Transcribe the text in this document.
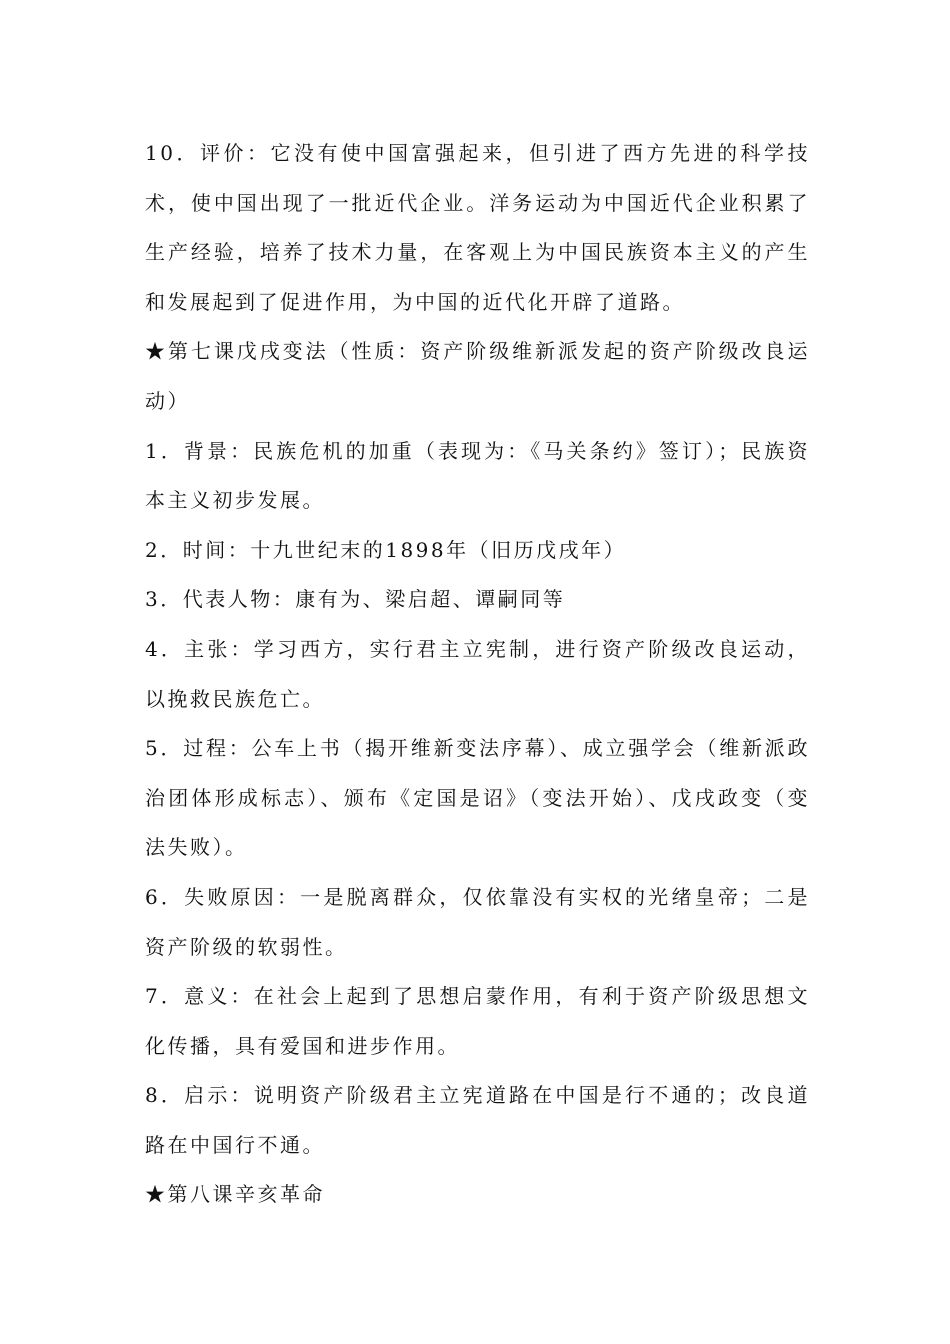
10．评价：它没有使中国富强起来，但引进了西方先进的科学技术，使中国出现了一批近代企业。洋务运动为中国近代企业积累了生产经验，培养了技术力量，在客观上为中国民族资本主义的产生和发展起到了促进作用，为中国的近代化开辟了道路。

★第七课戊戌变法（性质：资产阶级维新派发起的资产阶级改良运动）

1．背景：民族危机的加重（表现为：《马关条约》签订）；民族资本主义初步发展。

2．时间：十九世纪末的1898年（旧历戊戌年）

3．代表人物：康有为、梁启超、谭嗣同等

4．主张：学习西方，实行君主立宪制，进行资产阶级改良运动，以挽救民族危亡。

5．过程：公车上书（揭开维新变法序幕）、成立强学会（维新派政治团体形成标志）、颁布《定国是诏》（变法开始）、戊戌政变（变法失败）。

6．失败原因：一是脱离群众，仅依靠没有实权的光绪皇帝；二是资产阶级的软弱性。

7．意义：在社会上起到了思想启蒙作用，有利于资产阶级思想文化传播，具有爱国和进步作用。

8．启示：说明资产阶级君主立宪道路在中国是行不通的；改良道路在中国行不通。

★第八课辛亥革命
